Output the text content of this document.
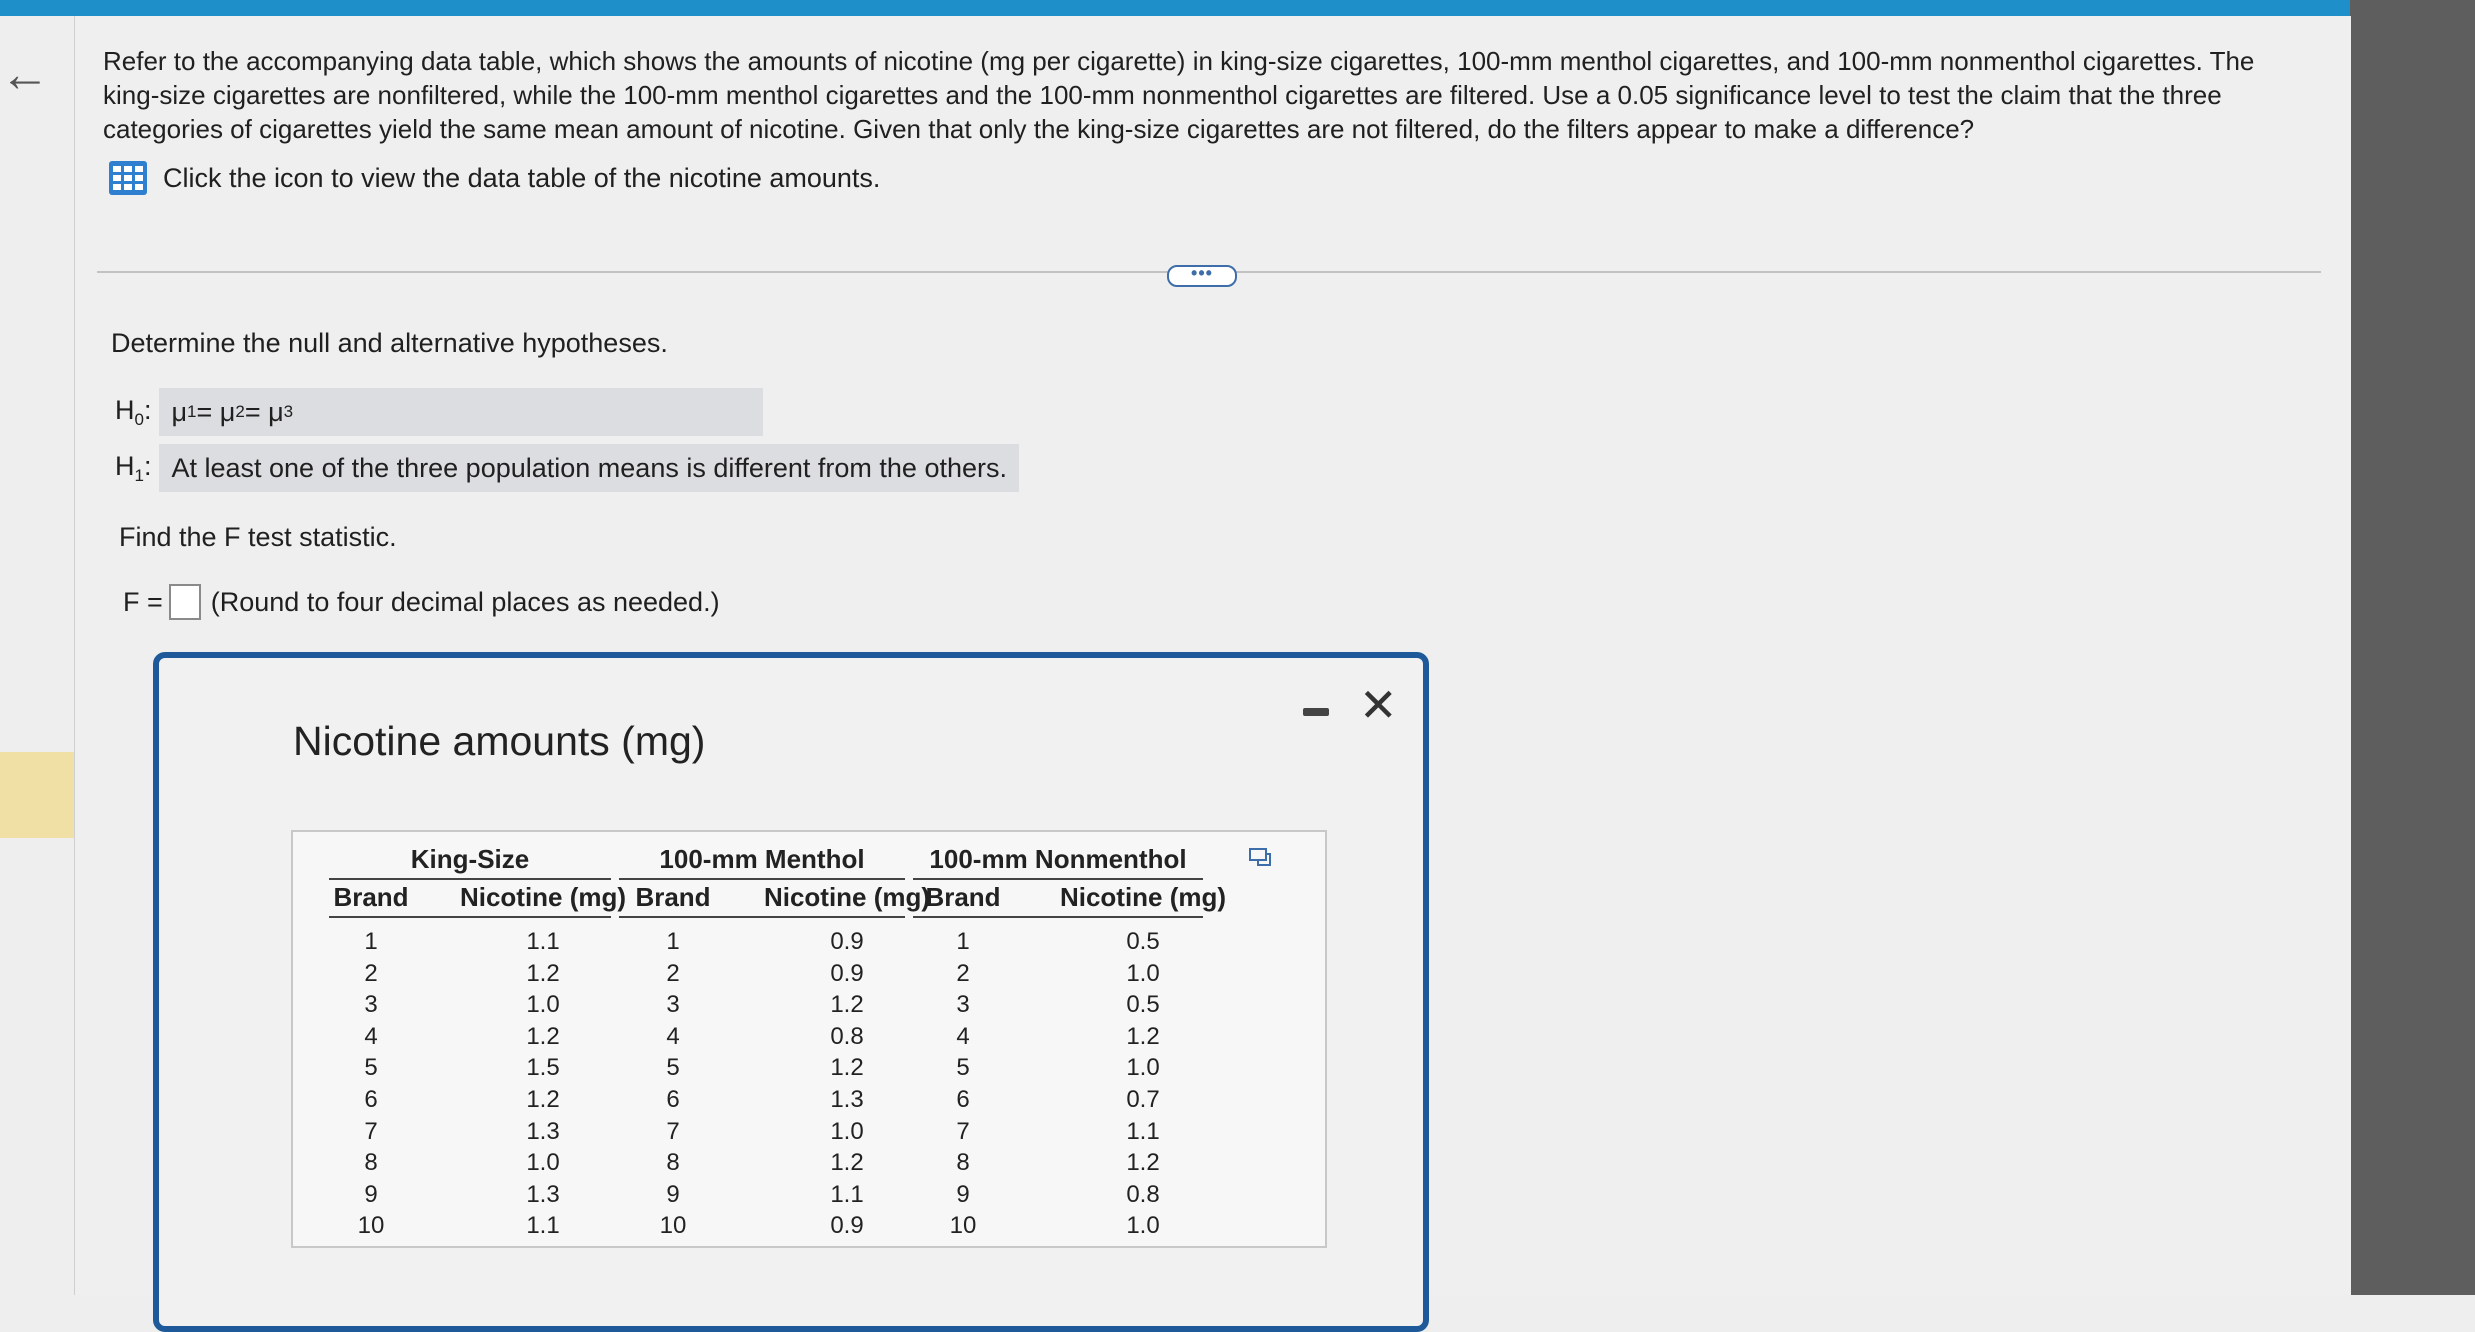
← Refer to the accompanying data table, which shows the amounts of nicotine (mg per cigarette) in king-size cigarettes, 100-mm menthol cigarettes, and 100-mm nonmenthol cigarettes. The king-size cigarettes are nonfiltered, while the 100-mm menthol cigarettes and the 100-mm nonmenthol cigarettes are filtered. Use a 0.05 significance level to test the claim that the three categories of cigarettes yield the same mean amount of nicotine. Given that only the king-size cigarettes are not filtered, do the filters appear to make a difference?
Click the icon to view the data table of the nicotine amounts.
•••
Determine the null and alternative hypotheses.
$H_0$: μ 1 = μ 2 = μ 3
$H_1$: At least one of the three population means is different from the others.
Find the F test statistic.
F = (Round to four decimal places as needed.)
Nicotine amounts (mg)
King-Size
Brand	Nicotine (mg)
1	1.1
2	1.2
3	1.0
4	1.2
5	1.5
6	1.2
7	1.3
8	1.0
9	1.3
10	1.1
100-mm Menthol
Brand	Nicotine (mg)
1	0.9
2	0.9
3	1.2
4	0.8
5	1.2
6	1.3
7	1.0
8	1.2
9	1.1
10	0.9
100-mm Nonmenthol
Brand	Nicotine (mg)
1	0.5
2	1.0
3	0.5
4	1.2
5	1.0
6	0.7
7	1.1
8	1.2
9	0.8
10	1.0
✕
